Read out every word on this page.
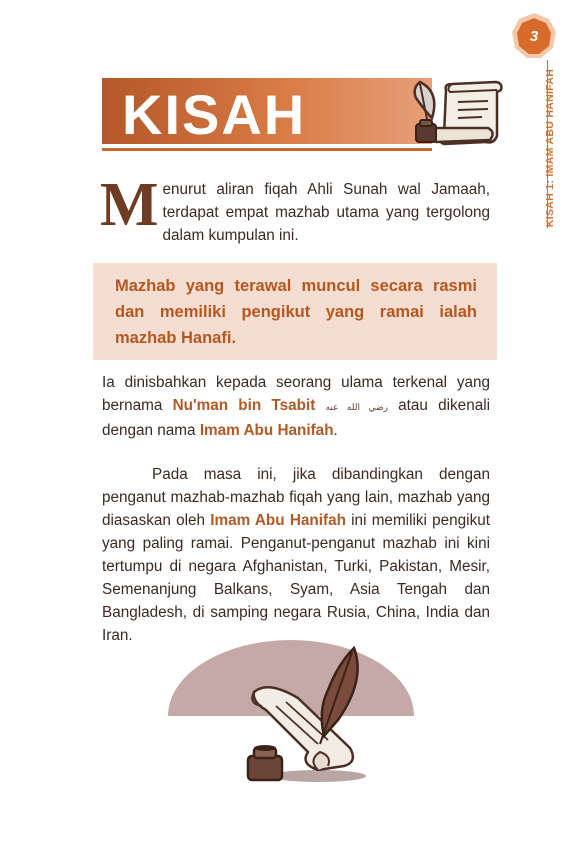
3
KISAH 1: IMAM ABU HANIFAH
KISAH
Menurut aliran fiqah Ahli Sunah wal Jamaah, terdapat empat mazhab utama yang tergolong dalam kumpulan ini.
Mazhab yang terawal muncul secara rasmi dan memiliki pengikut yang ramai ialah mazhab Hanafi.
Ia dinisbahkan kepada seorang ulama terkenal yang bernama Nu'man bin Tsabit رضي الله عنه atau dikenali dengan nama Imam Abu Hanifah.
Pada masa ini, jika dibandingkan dengan penganut mazhab-mazhab fiqah yang lain, mazhab yang diasaskan oleh Imam Abu Hanifah ini memiliki pengikut yang paling ramai. Penganut-penganut mazhab ini kini tertumpu di negara Afghanistan, Turki, Pakistan, Mesir, Semenanjung Balkans, Syam, Asia Tengah dan Bangladesh, di samping negara Rusia, China, India dan Iran.
